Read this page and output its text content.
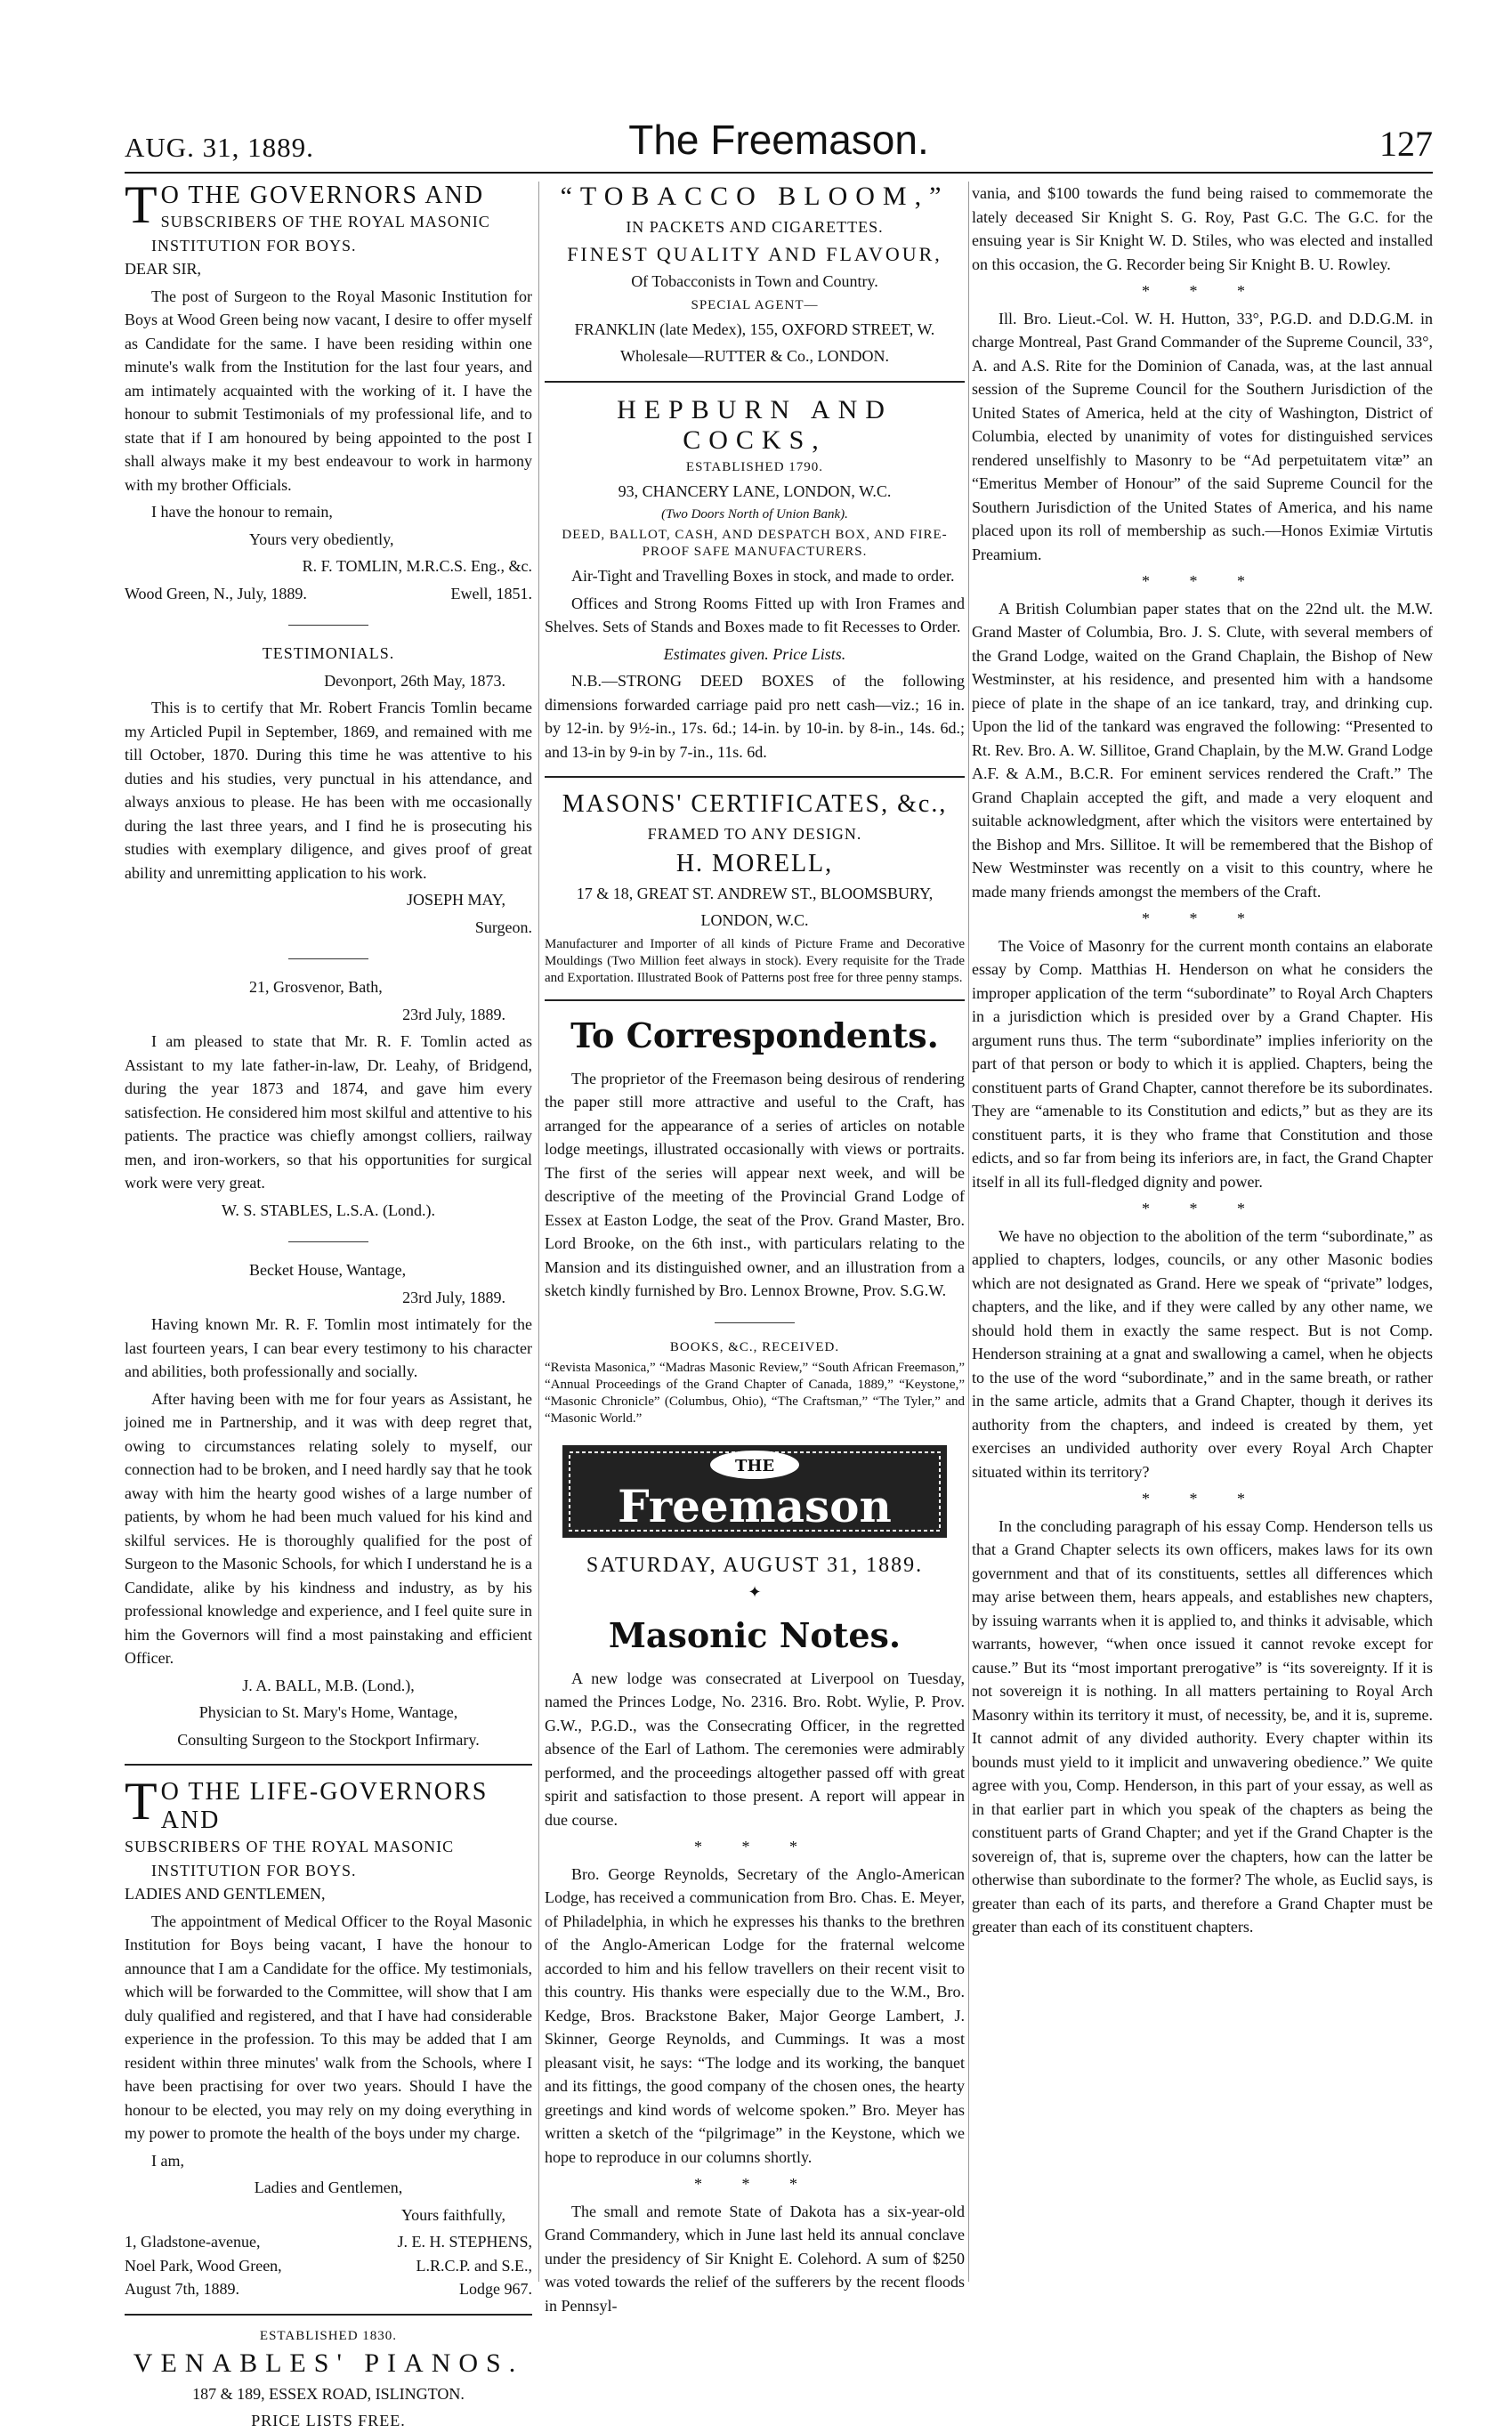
AUG. 31, 1889.	The Freemason.	127
T O THE GOVERNORS AND
SUBSCRIBERS OF THE ROYAL MASONIC
INSTITUTION FOR BOYS.

DEAR SIR,

The post of Surgeon to the Royal Masonic Institution for Boys at Wood Green being now vacant, I desire to offer myself as Candidate for the same. I have been residing within one minute's walk from the Institution for the last four years, and am intimately acquainted with the working of it. I have the honour to submit Testimonials of my professional life, and to state that if I am honoured by being appointed to the post I shall always make it my best endeavour to work in harmony with my brother Officials.

I have the honour to remain,

Yours very obediently,

R. F. TOMLIN, M.R.C.S. Eng., &c.

Wood Green, N., July, 1889.	Ewell, 1851.

TESTIMONIALS.

Devonport, 26th May, 1873.

This is to certify that Mr. Robert Francis Tomlin became my Articled Pupil in September, 1869, and remained with me till October, 1870. During this time he was attentive to his duties and his studies, very punctual in his attendance, and always anxious to please. He has been with me occasionally during the last three years, and I find he is prosecuting his studies with exemplary diligence, and gives proof of great ability and unremitting application to his work.

JOSEPH MAY,

Surgeon.

21, Grosvenor, Bath,

23rd July, 1889.

I am pleased to state that Mr. R. F. Tomlin acted as Assistant to my late father-in-law, Dr. Leahy, of Bridgend, during the year 1873 and 1874, and gave him every satisfection. He considered him most skilful and attentive to his patients. The practice was chiefly amongst colliers, railway men, and iron-workers, so that his opportunities for surgical work were very great.

W. S. STABLES, L.S.A. (Lond.).

Becket House, Wantage,

23rd July, 1889.

Having known Mr. R. F. Tomlin most intimately for the last fourteen years, I can bear every testimony to his character and abilities, both professionally and socially.

After having been with me for four years as Assistant, he joined me in Partnership, and it was with deep regret that, owing to circumstances relating solely to myself, our connection had to be broken, and I need hardly say that he took away with him the hearty good wishes of a large number of patients, by whom he had been much valued for his kind and skilful services. He is thoroughly qualified for the post of Surgeon to the Masonic Schools, for which I understand he is a Candidate, alike by his kindness and industry, as by his professional knowledge and experience, and I feel quite sure in him the Governors will find a most painstaking and efficient Officer.

J. A. BALL, M.B. (Lond.),

Physician to St. Mary's Home, Wantage,

Consulting Surgeon to the Stockport Infirmary.

T O THE LIFE-GOVERNORS AND
SUBSCRIBERS OF THE ROYAL MASONIC
INSTITUTION FOR BOYS.

LADIES AND GENTLEMEN,

The appointment of Medical Officer to the Royal Masonic Institution for Boys being vacant, I have the honour to announce that I am a Candidate for the office. My testimonials, which will be forwarded to the Committee, will show that I am duly qualified and registered, and that I have had considerable experience in the profession. To this may be added that I am resident within three minutes' walk from the Schools, where I have been practising for over two years. Should I have the honour to be elected, you may rely on my doing everything in my power to promote the health of the boys under my charge.

I am,

Ladies and Gentlemen,

Yours faithfully,

1, Gladstone-avenue,	J. E. H. STEPHENS,
Noel Park, Wood Green,	L.R.C.P. and S.E.,
August 7th, 1889.	Lodge 967.

ESTABLISHED 1830.

VENABLES' PIANOS.

187 & 189, ESSEX ROAD, ISLINGTON.

PRICE LISTS FREE.

“TOBACCO BLOOM,”

IN PACKETS AND CIGARETTES.

FINEST QUALITY AND FLAVOUR,

Of Tobacconists in Town and Country.

SPECIAL AGENT—

FRANKLIN (late Medex), 155, OXFORD STREET, W.

Wholesale—RUTTER & Co., LONDON.

HEPBURN AND COCKS,

ESTABLISHED 1790.

93, CHANCERY LANE, LONDON, W.C.

(Two Doors North of Union Bank).

DEED, BALLOT, CASH, AND DESPATCH BOX, AND FIRE-PROOF SAFE MANUFACTURERS.

Air-Tight and Travelling Boxes in stock, and made to order.

Offices and Strong Rooms Fitted up with Iron Frames and Shelves. Sets of Stands and Boxes made to fit Recesses to Order.

Estimates given. Price Lists.

N.B.—STRONG DEED BOXES of the following dimensions forwarded carriage paid pro nett cash—viz.; 16 in. by 12-in. by 9½-in., 17s. 6d.; 14-in. by 10-in. by 8-in., 14s. 6d.; and 13-in by 9-in by 7-in., 11s. 6d.

MASONS' CERTIFICATES, &c.,

FRAMED TO ANY DESIGN.

H. MORELL,

17 & 18, GREAT ST. ANDREW ST., BLOOMSBURY,

LONDON, W.C.

Manufacturer and Importer of all kinds of Picture Frame and Decorative Mouldings (Two Million feet always in stock). Every requisite for the Trade and Exportation. Illustrated Book of Patterns post free for three penny stamps.

To Correspondents.

The proprietor of the Freemason being desirous of rendering the paper still more attractive and useful to the Craft, has arranged for the appearance of a series of articles on notable lodge meetings, illustrated occasionally with views or portraits. The first of the series will appear next week, and will be descriptive of the meeting of the Provincial Grand Lodge of Essex at Easton Lodge, the seat of the Prov. Grand Master, Bro. Lord Brooke, on the 6th inst., with particulars relating to the Mansion and its distinguished owner, and an illustration from a sketch kindly furnished by Bro. Lennox Browne, Prov. S.G.W.

BOOKS, &C., RECEIVED.

“Revista Masonica,” “Madras Masonic Review,” “South African Freemason,” “Annual Proceedings of the Grand Chapter of Canada, 1889,” “Keystone,” “Masonic Chronicle” (Columbus, Ohio), “The Craftsman,” “The Tyler,” and “Masonic World.”

THE
Freemason

SATURDAY, AUGUST 31, 1889.

✦

Masonic Notes.

A new lodge was consecrated at Liverpool on Tuesday, named the Princes Lodge, No. 2316. Bro. Robt. Wylie, P. Prov. G.W., P.G.D., was the Consecrating Officer, in the regretted absence of the Earl of Lathom. The ceremonies were admirably performed, and the proceedings altogether passed off with great spirit and satisfaction to those present. A report will appear in due course.

* * *

Bro. George Reynolds, Secretary of the Anglo-American Lodge, has received a communication from Bro. Chas. E. Meyer, of Philadelphia, in which he expresses his thanks to the brethren of the Anglo-American Lodge for the fraternal welcome accorded to him and his fellow travellers on their recent visit to this country. His thanks were especially due to the W.M., Bro. Kedge, Bros. Brackstone Baker, Major George Lambert, J. Skinner, George Reynolds, and Cummings. It was a most pleasant visit, he says: “The lodge and its working, the banquet and its fittings, the good company of the chosen ones, the hearty greetings and kind words of welcome spoken.” Bro. Meyer has written a sketch of the “pilgrimage” in the Keystone, which we hope to reproduce in our columns shortly.

* * *

The small and remote State of Dakota has a six-year-old Grand Commandery, which in June last held its annual conclave under the presidency of Sir Knight E. Colehord. A sum of $250 was voted towards the relief of the sufferers by the recent floods in Pennsyl-

vania, and $100 towards the fund being raised to commemorate the lately deceased Sir Knight S. G. Roy, Past G.C. The G.C. for the ensuing year is Sir Knight W. D. Stiles, who was elected and installed on this occasion, the G. Recorder being Sir Knight B. U. Rowley.

* * *

Ill. Bro. Lieut.-Col. W. H. Hutton, 33°, P.G.D. and D.D.G.M. in charge Montreal, Past Grand Commander of the Supreme Council, 33°, A. and A.S. Rite for the Dominion of Canada, was, at the last annual session of the Supreme Council for the Southern Jurisdiction of the United States of America, held at the city of Washington, District of Columbia, elected by unanimity of votes for distinguished services rendered unselfishly to Masonry to be “Ad perpetuitatem vitæ” an “Emeritus Member of Honour” of the said Supreme Council for the Southern Jurisdiction of the United States of America, and his name placed upon its roll of membership as such.—Honos Eximiæ Virtutis Preamium.

* * *

A British Columbian paper states that on the 22nd ult. the M.W. Grand Master of Columbia, Bro. J. S. Clute, with several members of the Grand Lodge, waited on the Grand Chaplain, the Bishop of New Westminster, at his residence, and presented him with a handsome piece of plate in the shape of an ice tankard, tray, and drinking cup. Upon the lid of the tankard was engraved the following: “Presented to Rt. Rev. Bro. A. W. Sillitoe, Grand Chaplain, by the M.W. Grand Lodge A.F. & A.M., B.C.R. For eminent services rendered the Craft.” The Grand Chaplain accepted the gift, and made a very eloquent and suitable acknowledgment, after which the visitors were entertained by the Bishop and Mrs. Sillitoe. It will be remembered that the Bishop of New Westminster was recently on a visit to this country, where he made many friends amongst the members of the Craft.

* * *

The Voice of Masonry for the current month contains an elaborate essay by Comp. Matthias H. Henderson on what he considers the improper application of the term “subordinate” to Royal Arch Chapters in a jurisdiction which is presided over by a Grand Chapter. His argument runs thus. The term “subordinate” implies inferiority on the part of that person or body to which it is applied. Chapters, being the constituent parts of Grand Chapter, cannot therefore be its subordinates. They are “amenable to its Constitution and edicts,” but as they are its constituent parts, it is they who frame that Constitution and those edicts, and so far from being its inferiors are, in fact, the Grand Chapter itself in all its full-fledged dignity and power.

* * *

We have no objection to the abolition of the term “subordinate,” as applied to chapters, lodges, councils, or any other Masonic bodies which are not designated as Grand. Here we speak of “private” lodges, chapters, and the like, and if they were called by any other name, we should hold them in exactly the same respect. But is not Comp. Henderson straining at a gnat and swallowing a camel, when he objects to the use of the word “subordinate,” and in the same breath, or rather in the same article, admits that a Grand Chapter, though it derives its authority from the chapters, and indeed is created by them, yet exercises an undivided authority over every Royal Arch Chapter situated within its territory?

* * *

In the concluding paragraph of his essay Comp. Henderson tells us that a Grand Chapter selects its own officers, makes laws for its own government and that of its constituents, settles all differences which may arise between them, hears appeals, and establishes new chapters, by issuing warrants when it is applied to, and thinks it advisable, which warrants, however, “when once issued it cannot revoke except for cause.” But its “most important prerogative” is “its sovereignty. If it is not sovereign it is nothing. In all matters pertaining to Royal Arch Masonry within its territory it must, of necessity, be, and it is, supreme. It cannot admit of any divided authority. Every chapter within its bounds must yield to it implicit and unwavering obedience.” We quite agree with you, Comp. Henderson, in this part of your essay, as well as in that earlier part in which you speak of the chapters as being the constituent parts of Grand Chapter; and yet if the Grand Chapter is the sovereign of, that is, supreme over the chapters, how can the latter be otherwise than subordinate to the former? The whole, as Euclid says, is greater than each of its parts, and therefore a Grand Chapter must be greater than each of its constituent chapters.
